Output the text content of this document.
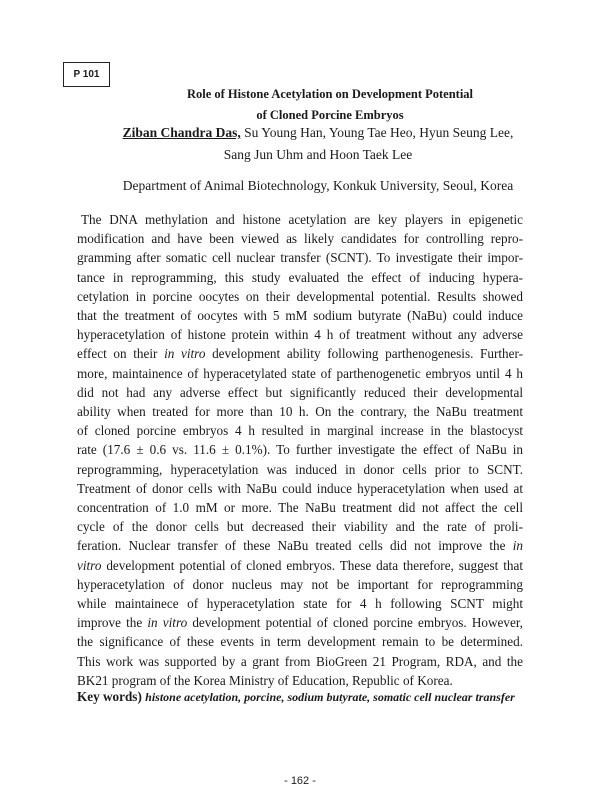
P 101
Role of Histone Acetylation on Development Potential
of Cloned Porcine Embryos
Ziban Chandra Das, Su Young Han, Young Tae Heo, Hyun Seung Lee,
Sang Jun Uhm and Hoon Taek Lee
Department of Animal Biotechnology, Konkuk University, Seoul, Korea
The DNA methylation and histone acetylation are key players in epigenetic
modification and have been viewed as likely candidates for controlling repro-
gramming after somatic cell nuclear transfer (SCNT). To investigate their impor-
tance in reprogramming, this study evaluated the effect of inducing hypera-
cetylation in porcine oocytes on their developmental potential. Results showed
that the treatment of oocytes with 5 mM sodium butyrate (NaBu) could induce
hyperacetylation of histone protein within 4 h of treatment without any adverse
effect on their in vitro development ability following parthenogenesis. Further-
more, maintainence of hyperacetylated state of parthenogenetic embryos until 4 h
did not had any adverse effect but significantly reduced their developmental
ability when treated for more than 10 h. On the contrary, the NaBu treatment
of cloned porcine embryos 4 h resulted in marginal increase in the blastocyst
rate (17.6 ± 0.6 vs. 11.6 ± 0.1%). To further investigate the effect of NaBu in
reprogramming, hyperacetylation was induced in donor cells prior to SCNT.
Treatment of donor cells with NaBu could induce hyperacetylation when used at
concentration of 1.0 mM or more. The NaBu treatment did not affect the cell
cycle of the donor cells but decreased their viability and the rate of proli-
feration. Nuclear transfer of these NaBu treated cells did not improve the in
vitro development potential of cloned embryos. These data therefore, suggest that
hyperacetylation of donor nucleus may not be important for reprogramming
while maintainece of hyperacetylation state for 4 h following SCNT might
improve the in vitro development potential of cloned porcine embryos. However,
the significance of these events in term development remain to be determined.
This work was supported by a grant from BioGreen 21 Program, RDA, and the
BK21 program of the Korea Ministry of Education, Republic of Korea.
Key words) histone acetylation, porcine, sodium butyrate, somatic cell nuclear transfer
- 162 -
